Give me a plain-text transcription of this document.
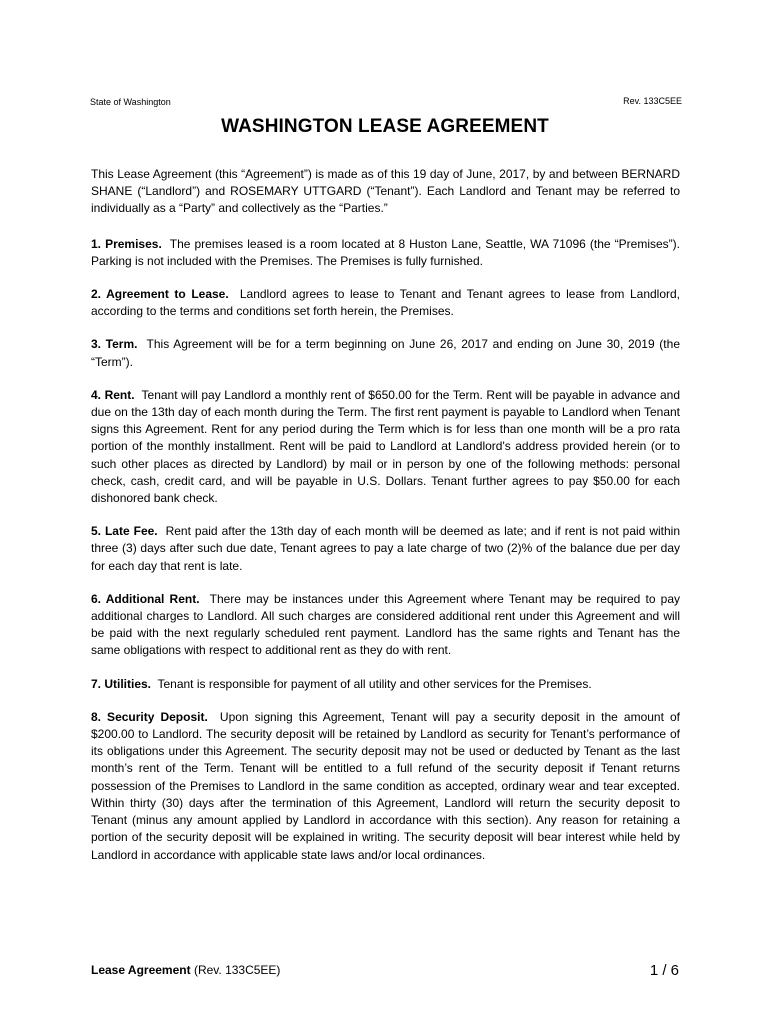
State of Washington	Rev. 133C5EE
WASHINGTON LEASE AGREEMENT

This Lease Agreement (this “Agreement”) is made as of this 19 day of June, 2017, by and between BERNARD SHANE (“Landlord”) and ROSEMARY UTTGARD (“Tenant”). Each Landlord and Tenant may be referred to individually as a “Party” and collectively as the “Parties.”

1. Premises. The premises leased is a room located at 8 Huston Lane, Seattle, WA 71096 (the “Premises”). Parking is not included with the Premises. The Premises is fully furnished.

2. Agreement to Lease. Landlord agrees to lease to Tenant and Tenant agrees to lease from Landlord, according to the terms and conditions set forth herein, the Premises.

3. Term. This Agreement will be for a term beginning on June 26, 2017 and ending on June 30, 2019 (the “Term”).

4. Rent. Tenant will pay Landlord a monthly rent of $650.00 for the Term. Rent will be payable in advance and due on the 13th day of each month during the Term. The first rent payment is payable to Landlord when Tenant signs this Agreement. Rent for any period during the Term which is for less than one month will be a pro rata portion of the monthly installment. Rent will be paid to Landlord at Landlord's address provided herein (or to such other places as directed by Landlord) by mail or in person by one of the following methods: personal check, cash, credit card, and will be payable in U.S. Dollars. Tenant further agrees to pay $50.00 for each dishonored bank check.

5. Late Fee. Rent paid after the 13th day of each month will be deemed as late; and if rent is not paid within three (3) days after such due date, Tenant agrees to pay a late charge of two (2)% of the balance due per day for each day that rent is late.

6. Additional Rent. There may be instances under this Agreement where Tenant may be required to pay additional charges to Landlord. All such charges are considered additional rent under this Agreement and will be paid with the next regularly scheduled rent payment. Landlord has the same rights and Tenant has the same obligations with respect to additional rent as they do with rent.

7. Utilities. Tenant is responsible for payment of all utility and other services for the Premises.

8. Security Deposit. Upon signing this Agreement, Tenant will pay a security deposit in the amount of $200.00 to Landlord. The security deposit will be retained by Landlord as security for Tenant’s performance of its obligations under this Agreement. The security deposit may not be used or deducted by Tenant as the last month’s rent of the Term. Tenant will be entitled to a full refund of the security deposit if Tenant returns possession of the Premises to Landlord in the same condition as accepted, ordinary wear and tear excepted. Within thirty (30) days after the termination of this Agreement, Landlord will return the security deposit to Tenant (minus any amount applied by Landlord in accordance with this section). Any reason for retaining a portion of the security deposit will be explained in writing. The security deposit will bear interest while held by Landlord in accordance with applicable state laws and/or local ordinances.

Lease Agreement (Rev. 133C5EE)	1 / 6
